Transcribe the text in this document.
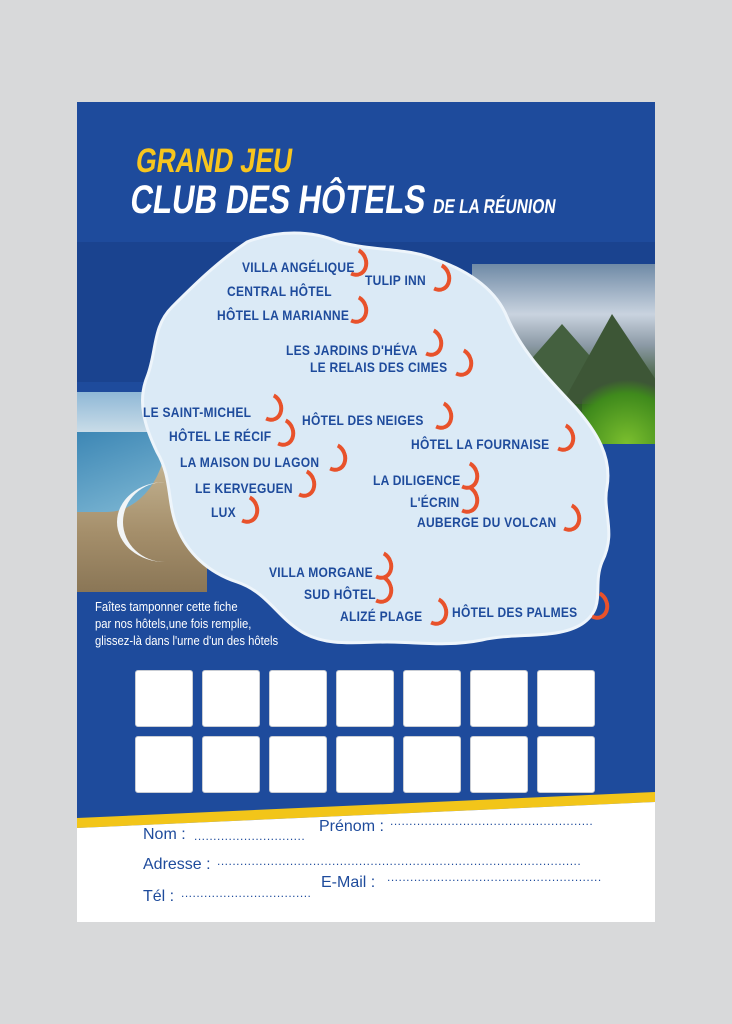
GRAND JEU
CLUB DES HÔTELS DE LA RÉUNION
VILLA ANGÉLIQUE
CENTRAL HÔTEL
TULIP INN
HÔTEL LA MARIANNE
LES JARDINS D'HÉVA
LE RELAIS DES CIMES
LE SAINT-MICHEL	HÔTEL DES NEIGES
HÔTEL LE RÉCIF	HÔTEL LA FOURNAISE
LA MAISON DU LAGON
LA DILIGENCE
LE KERVEGUEN
L'ÉCRIN
LUX
AUBERGE DU VOLCAN
VILLA MORGANE
SUD HÔTEL
ALIZÉ PLAGE HÔTEL DES PALMES
Faîtes tamponner cette fiche
par nos hôtels,une fois remplie,
glissez-là dans l'urne d'un des hôtels
Nom : .............................
Prénom : .....................................................
Adresse : ...............................................................................................
Tél : ..................................
E-Mail : ........................................................
